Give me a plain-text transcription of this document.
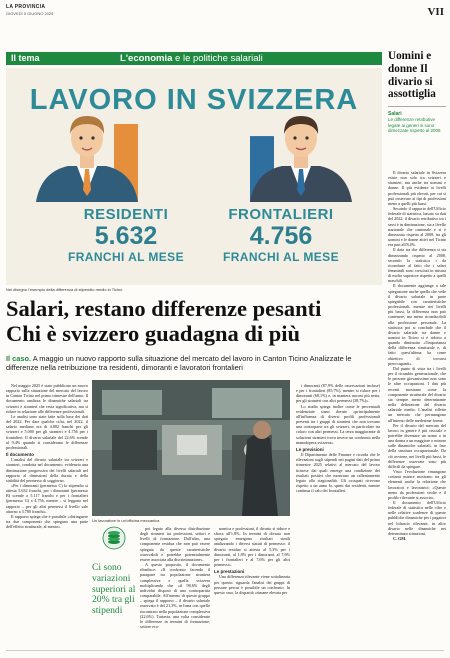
LA PROVINCIA
GIOVEDÌ 5 GIUGNO 2025	VII
Il tema	L'economia e le politiche salariali
LAVORO IN SVIZZERA
RESIDENTI
5.632
FRANCHI AL MESE
FRONTALIERI
4.756
FRANCHI AL MESE
Nel disegno l'esempio della differenza di stipendio medio in Ticino
Salari, restano differenze pesanti
Chi è svizzero guadagna di più
Il caso. A maggio un nuovo rapporto sulla situazione del mercato del lavoro in Canton Ticino Analizzate le differenze nella retribuzione tra residenti, dimoranti e lavoratori frontalieri

Nel maggio 2025 è stato pubblicato un nuovo rapporto sulla situazione del mercato del lavoro in Canton Ticino nel primo trimestre dell'anno. Il documento analizza le dinamiche salariali tra svizzeri e stranieri che resta significativa, ma si riduce in relazione alle differenze professionali.

Le analisi sono state fatte sulla base dei dati del 2022. Per dare qualche cifra, nel 2022, il salario mediano era di 4.882 franchi per gli svizzeri e 5.000 per gli stranieri e 4.756 per i frontalieri. Il divario salariale del 22,6% scende al 9,4% quando si considerano le differenze professionali.

Il documento

L'analisi del divario salariale tra svizzeri e stranieri, condotta nel documento, evidenzia una diminuzione progressiva dei livelli salariali nel rapporto al dimissioni della durata e della stabilità del permesso di soggiorno.

«Per i dimoranti (permesso C) lo stipendio si attesta 5.632 franchi, per i dimoranti (permesso B) scende a 5.117 franchi e per i frontalieri (permesso G) a 4.756, mentre – si leggono nel rapporto – per gli altri permessi il livello sale attorno a 3.780 franchi».

Il rapporto spiega che è possibile «distinguere tra due componenti che spiegano una parte dell'effetto strutturale, al mento».

Un lavoratore in un'officina meccanica
Ci sono variazioni superiori al 20% tra gli stipendi

poi legato alla diversa distribuzione degli stranieri tra professioni, settori e livelli di formazione. Dall'altro, una componente residua che non può essere spiegata da queste caratteristiche osservabili e potrebbe potenzialmente essere associata alla discriminazione».

A questo proposito, il documento ribadisce: «Il confronto facendo il paragone tra popolazione straniera complessiva e quella svizzera moltiplicando che «il 98,6% degli individui disposti di una contropartita comparabile. All'interno di questo gruppo – spiega il rapporto – il divario salariale osservato è del 21,3%, in linea con quello riscontrato nella popolazione complessiva (22,6%). Tuttavia, una volta considerate le differenze in termini di formazione, settore eco-

nomica e professioni, il divario si riduce e sfiora all'1,8%. In termini di divario non spiegato emergono risultati simili analizzando i diversi statuti di permesso: il divario residuo si attesta al 5,3% per i dimoranti, al 1,8% per i dimoranti, al 7,6% per i frontalieri e al 7,6% per gli altri permessi».

Le prestazioni

Una differenza rilevante viene sottolineata per questo: riguarda l'analisi dei gruppi di persone percui è possibile un confronto. In questo caso, la disparità «rimane elevata per

i dimoranti (87,9% delle osservazioni incluse) e per i frontalieri (85,7%), mentre si riduce per i dimoranti (68,1%) e, in maniera ancora più netta, per gli stranieri con altri permessi (38,7%)».

Lo studio spiega inoltre come le percentuali evidenziate siano dovute «principalmente all'influenza di diversi profili professionali presenti tra i gruppi di stranieri che non trovano una controparte tra gli svizzeri, in particolare tra coloro con altri permessi. La terza maggiorante di soluzioni stranieri trova invece un confronto nella manodopera svizzera».

Le previsioni

Il Dipartimento delle Finanze e ricorda che le rilevazioni sugli stipendi nei pagini dati del primo trimestre 2025 relativi al mercato del lavoro ticinese dai quali emerge una condizione dei risultati positivi che mostrano un rallentamento legato alla stagionalità. Gli occupati ricevono rispetto a un anno fa, spinti dai residenti, mentre continua il calo dei frontalieri.

Uomini e donne Il divario si assottiglia
Salari
Le differenze retributive legate ai generi si sono dimezzate rispetto al 2008

Il divario salariale in Svizzera esiste non solo tra svizzeri e stranieri, ma anche tra uomini e donne. Il più evidente ai livelli professionali più elevati, per cui si può osservare ai tipi di professioni meno a quelli più bassi.

Secondo il rapporto dell'Ufficio federale di statistica, basato su dati del 2022, il divario retributivo tra i sessi è in diminuzione, sia a livello nazionale che cantonale e si è dimezzato rispetto al 2008, tra gli uomini e le donne attivi nel Ticino era pari all'8,4%.

Il dato tra che differenza si sta dimezzando rispetto al 2008, secondo la statistica i da ricondurre al fatto che i salari femminili sono cresciuti in misura di molto superiore rispetto a quelli maschili.

Il documento aggiunge a tale spiegazione anche quella che vede il divario salariale in parte spiegabile con caratteristiche professionali, mentre nei livelli più bassi, la differenza non può contenere, ma meno riconducibili alla professione personale. La statistica poi si conclude che il divario salariale tra donne e uomini in Ticino si è ridotto a quando diminuita «l'importanza della differenza strutturale e, di fatto quest'ultima ha come obiettivo di trovarsi preoccupanti».

Dal punto di vista tra i livelli per il ricambio generazionale, che le persone giovanissime non sono le altre occupazioni. I dati più recenti mostrano come la componente strutturale del divario sia sempre meno determinante nella definizione del divario salariale medio. L'analisi riflette un mercato che permangono all'interno delle medesime forme.

Per il divario del mercato del lavoro in genere è più cruciale e potrebbe diventare un uomo o in una donna a un maggiore o minore sulle dinamiche salariali, in fase della struttura occupazionale. Da ciò avviene, nei livelli più bassi, le differenze osservate sono più difficili da spiegare.

Visto l'evoluzione rimangono costanti misure mostrano tra gli elementi anche la relazione che lavoratori e lavoratrici: «Queste meno da professioni svolte e il profilo rilevante si associa».

Il documento dell'Ufficio federale di statistica nelle cifre e nelle relative scadenze di queste pubbliche dinamiche per i pagatori nel bilancio rilevante, in altro divario nelle dinamiche nei determinato situazioni.

C. GM.
